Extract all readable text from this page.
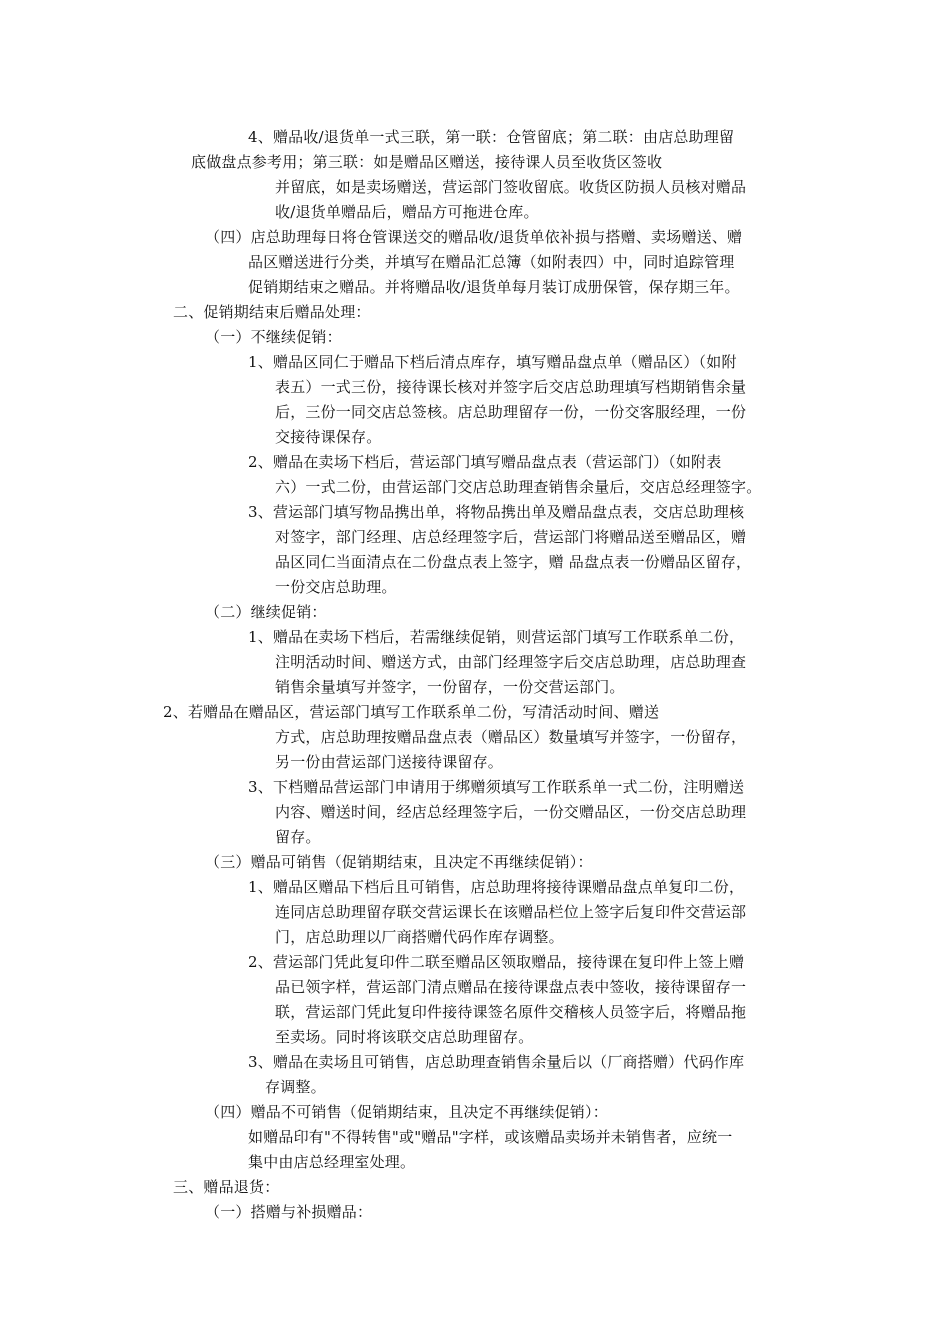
4、赠品收/退货单一式三联，第一联：仓管留底；第二联：由店总助理留
底做盘点参考用；第三联：如是赠品区赠送，接待课人员至收货区签收
并留底，如是卖场赠送，营运部门签收留底。收货区防损人员核对赠品
收/退货单赠品后，赠品方可拖进仓库。
（四）店总助理每日将仓管课送交的赠品收/退货单依补损与搭赠、卖场赠送、赠
品区赠送进行分类，并填写在赠品汇总簿（如附表四）中，同时追踪管理
促销期结束之赠品。并将赠品收/退货单每月装订成册保管，保存期三年。
二、促销期结束后赠品处理：
（一）不继续促销：
1、赠品区同仁于赠品下档后清点库存，填写赠品盘点单（赠品区）（如附
表五）一式三份，接待课长核对并签字后交店总助理填写档期销售余量
后，三份一同交店总签核。店总助理留存一份，一份交客服经理，一份
交接待课保存。
2、赠品在卖场下档后，营运部门填写赠品盘点表（营运部门）（如附表
六）一式二份，由营运部门交店总助理查销售余量后，交店总经理签字。
3、营运部门填写物品携出单，将物品携出单及赠品盘点表，交店总助理核
对签字，部门经理、店总经理签字后，营运部门将赠品送至赠品区，赠
品区同仁当面清点在二份盘点表上签字，赠 品盘点表一份赠品区留存，
一份交店总助理。
（二）继续促销：
1、赠品在卖场下档后，若需继续促销，则营运部门填写工作联系单二份，
注明活动时间、赠送方式，由部门经理签字后交店总助理，店总助理查
销售余量填写并签字，一份留存，一份交营运部门。
2、若赠品在赠品区，营运部门填写工作联系单二份，写清活动时间、赠送
方式，店总助理按赠品盘点表（赠品区）数量填写并签字，一份留存，
另一份由营运部门送接待课留存。
3、下档赠品营运部门申请用于绑赠须填写工作联系单一式二份，注明赠送
内容、赠送时间，经店总经理签字后，一份交赠品区，一份交店总助理
留存。
（三）赠品可销售（促销期结束，且决定不再继续促销）：
1、赠品区赠品下档后且可销售，店总助理将接待课赠品盘点单复印二份，
连同店总助理留存联交营运课长在该赠品栏位上签字后复印件交营运部
门，店总助理以厂商搭赠代码作库存调整。
2、营运部门凭此复印件二联至赠品区领取赠品，接待课在复印件上签上赠
品已领字样，营运部门清点赠品在接待课盘点表中签收，接待课留存一
联，营运部门凭此复印件接待课签名原件交稽核人员签字后，将赠品拖
至卖场。同时将该联交店总助理留存。
3、赠品在卖场且可销售，店总助理查销售余量后以（厂商搭赠）代码作库
存调整。
（四）赠品不可销售（促销期结束，且决定不再继续促销）：
如赠品印有"不得转售"或"赠品"字样，或该赠品卖场并未销售者，应统一
集中由店总经理室处理。
三、赠品退货：
（一）搭赠与补损赠品：
